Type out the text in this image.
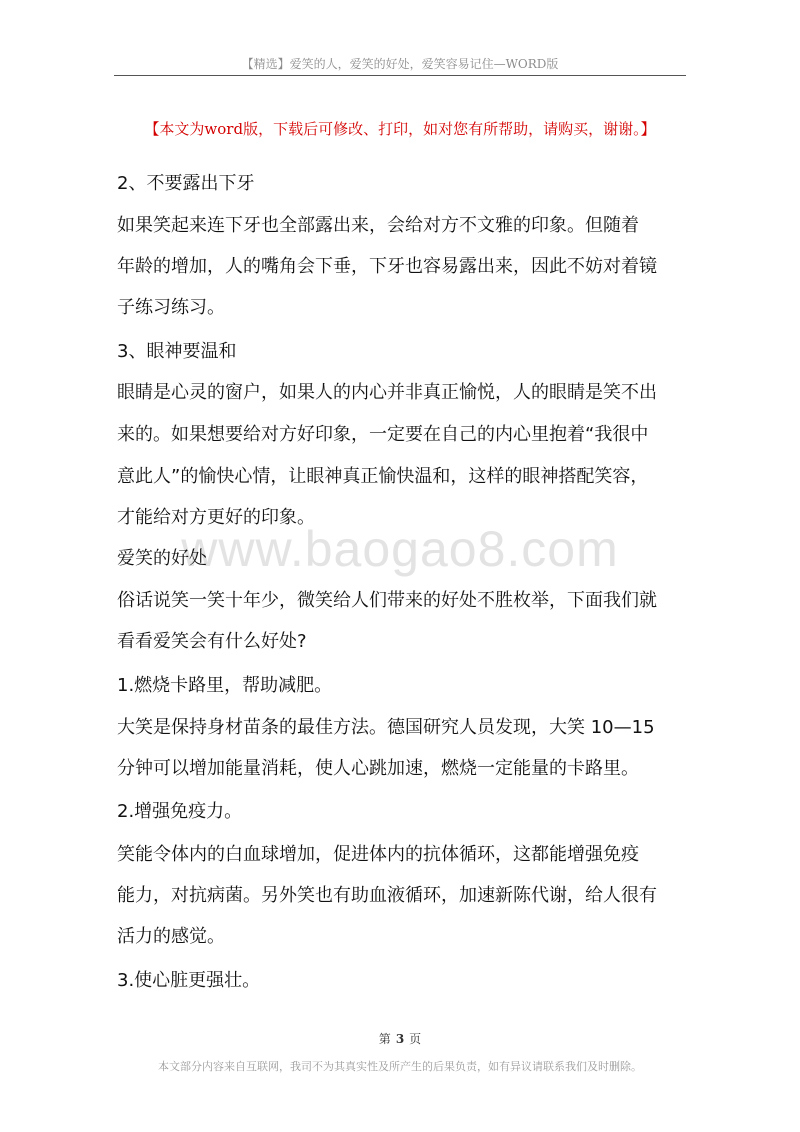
【精选】爱笑的人，爱笑的好处，爱笑容易记住—WORD版
【本文为word版，下载后可修改、打印，如对您有所帮助，请购买，谢谢。】
www.baogao8.com
2、不要露出下牙
如果笑起来连下牙也全部露出来，会给对方不文雅的印象。但随着
年龄的增加，人的嘴角会下垂，下牙也容易露出来，因此不妨对着镜
子练习练习。
3、眼神要温和
眼睛是心灵的窗户，如果人的内心并非真正愉悦，人的眼睛是笑不出
来的。如果想要给对方好印象，一定要在自己的内心里抱着“我很中
意此人”的愉快心情，让眼神真正愉快温和，这样的眼神搭配笑容，
才能给对方更好的印象。
爱笑的好处
俗话说笑一笑十年少，微笑给人们带来的好处不胜枚举，下面我们就
看看爱笑会有什么好处?
1.燃烧卡路里，帮助减肥。
大笑是保持身材苗条的最佳方法。德国研究人员发现，大笑 10—15
分钟可以增加能量消耗，使人心跳加速，燃烧一定能量的卡路里。
2.增强免疫力。
笑能令体内的白血球增加，促进体内的抗体循环，这都能增强免疫
能力，对抗病菌。另外笑也有助血液循环，加速新陈代谢，给人很有
活力的感觉。
3.使心脏更强壮。
第 3 页
本文部分内容来自互联网，我司不为其真实性及所产生的后果负责，如有异议请联系我们及时删除。
